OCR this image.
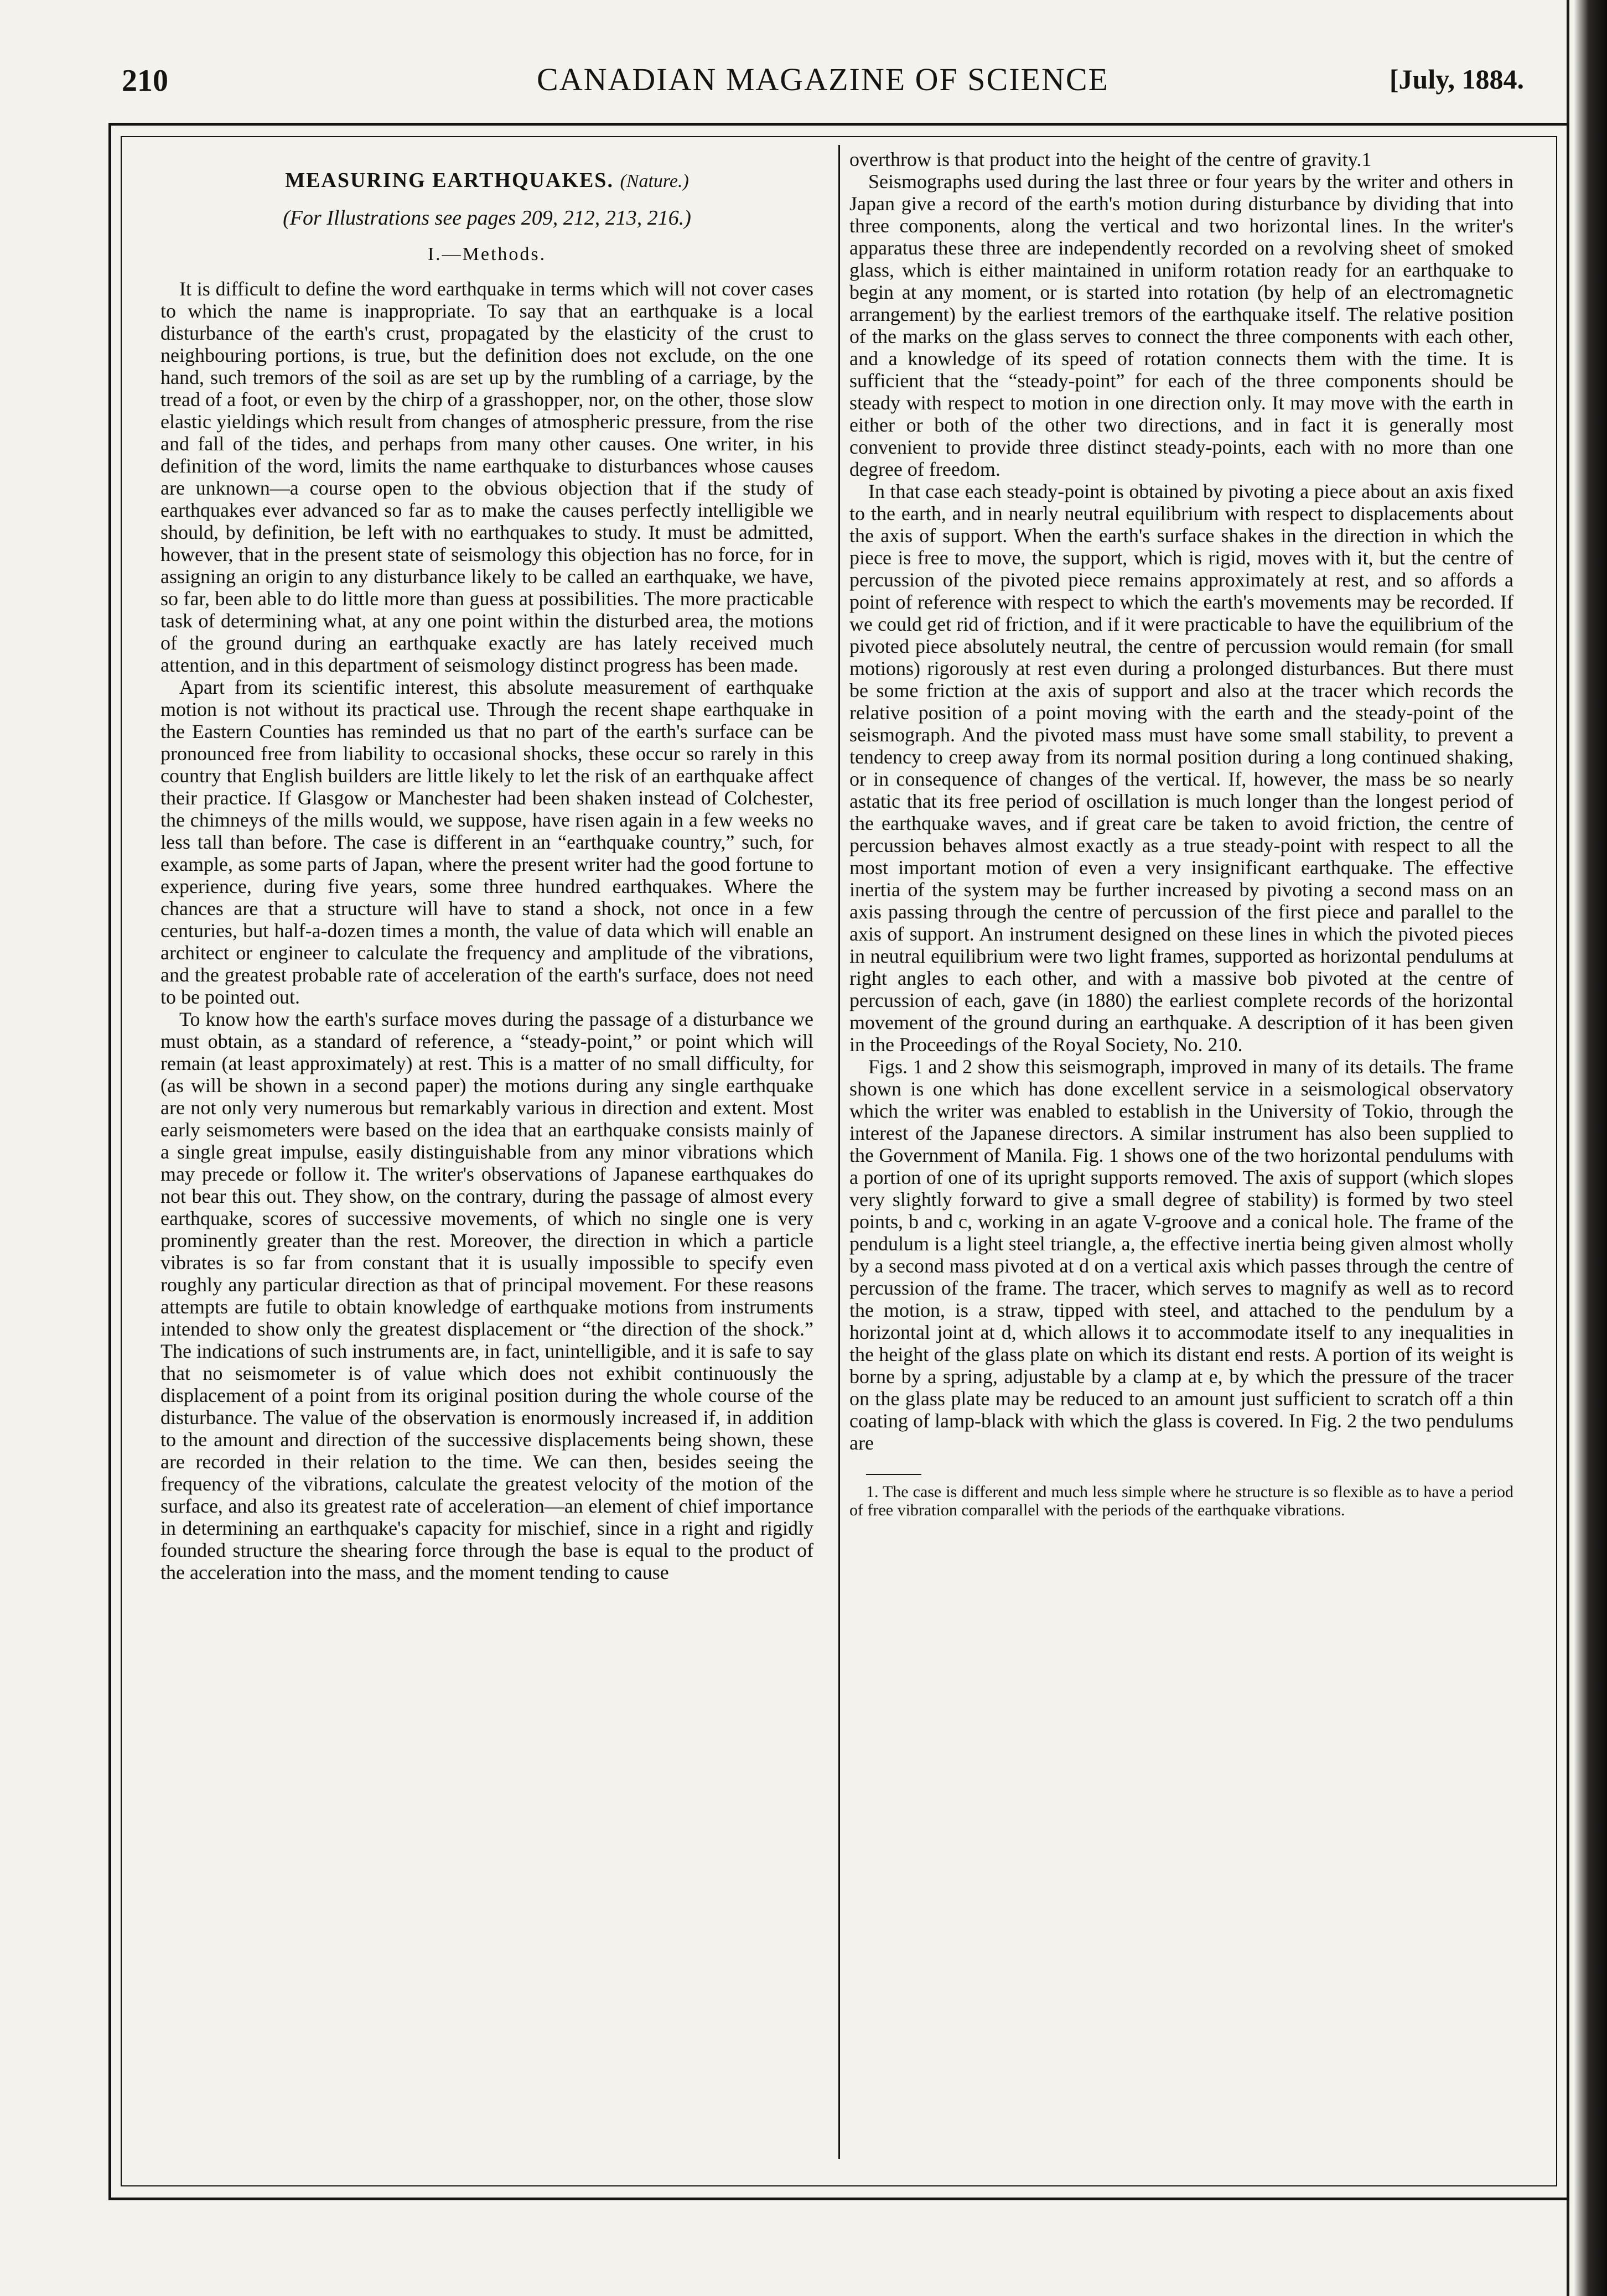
210	CANADIAN MAGAZINE OF SCIENCE	[July, 1884.
MEASURING EARTHQUAKES. (Nature.)
(For Illustrations see pages 209, 212, 213, 216.)
I.—Methods.

It is difficult to define the word earthquake in terms which will not cover cases to which the name is inappropriate. To say that an earthquake is a local disturbance of the earth's crust, propagated by the elasticity of the crust to neighbouring portions, is true, but the definition does not exclude, on the one hand, such tremors of the soil as are set up by the rumbling of a carriage, by the tread of a foot, or even by the chirp of a grasshopper, nor, on the other, those slow elastic yieldings which result from changes of atmospheric pressure, from the rise and fall of the tides, and perhaps from many other causes. One writer, in his definition of the word, limits the name earthquake to disturbances whose causes are unknown—a course open to the obvious objection that if the study of earthquakes ever advanced so far as to make the causes perfectly intelligible we should, by definition, be left with no earthquakes to study. It must be admitted, however, that in the present state of seismology this objection has no force, for in assigning an origin to any disturbance likely to be called an earthquake, we have, so far, been able to do little more than guess at possibilities. The more practicable task of determining what, at any one point within the disturbed area, the motions of the ground during an earthquake exactly are has lately received much attention, and in this department of seismology distinct progress has been made.

Apart from its scientific interest, this absolute measurement of earthquake motion is not without its practical use. Through the recent shape earthquake in the Eastern Counties has reminded us that no part of the earth's surface can be pronounced free from liability to occasional shocks, these occur so rarely in this country that English builders are little likely to let the risk of an earthquake affect their practice. If Glasgow or Manchester had been shaken instead of Colchester, the chimneys of the mills would, we suppose, have risen again in a few weeks no less tall than before. The case is different in an “earthquake country,” such, for example, as some parts of Japan, where the present writer had the good fortune to experience, during five years, some three hundred earthquakes. Where the chances are that a structure will have to stand a shock, not once in a few centuries, but half-a-dozen times a month, the value of data which will enable an architect or engineer to calculate the frequency and amplitude of the vibrations, and the greatest probable rate of acceleration of the earth's surface, does not need to be pointed out.

To know how the earth's surface moves during the passage of a disturbance we must obtain, as a standard of reference, a “steady-point,” or point which will remain (at least approximately) at rest. This is a matter of no small difficulty, for (as will be shown in a second paper) the motions during any single earthquake are not only very numerous but remarkably various in direction and extent. Most early seismometers were based on the idea that an earthquake consists mainly of a single great impulse, easily distinguishable from any minor vibrations which may precede or follow it. The writer's observations of Japanese earthquakes do not bear this out. They show, on the contrary, during the passage of almost every earthquake, scores of successive movements, of which no single one is very prominently greater than the rest. Moreover, the direction in which a particle vibrates is so far from constant that it is usually impossible to specify even roughly any particular direction as that of principal movement. For these reasons attempts are futile to obtain knowledge of earthquake motions from instruments intended to show only the greatest displacement or “the direction of the shock.” The indications of such instruments are, in fact, unintelligible, and it is safe to say that no seismometer is of value which does not exhibit continuously the displacement of a point from its original position during the whole course of the disturbance. The value of the observation is enormously increased if, in addition to the amount and direction of the successive displacements being shown, these are recorded in their relation to the time. We can then, besides seeing the frequency of the vibrations, calculate the greatest velocity of the motion of the surface, and also its greatest rate of acceleration—an element of chief importance in determining an earthquake's capacity for mischief, since in a right and rigidly founded structure the shearing force through the base is equal to the product of the acceleration into the mass, and the moment tending to cause

overthrow is that product into the height of the centre of gravity.1

Seismographs used during the last three or four years by the writer and others in Japan give a record of the earth's motion during disturbance by dividing that into three components, along the vertical and two horizontal lines. In the writer's apparatus these three are independently recorded on a revolving sheet of smoked glass, which is either maintained in uniform rotation ready for an earthquake to begin at any moment, or is started into rotation (by help of an electromagnetic arrangement) by the earliest tremors of the earthquake itself. The relative position of the marks on the glass serves to connect the three components with each other, and a knowledge of its speed of rotation connects them with the time. It is sufficient that the “steady-point” for each of the three components should be steady with respect to motion in one direction only. It may move with the earth in either or both of the other two directions, and in fact it is generally most convenient to provide three distinct steady-points, each with no more than one degree of freedom.

In that case each steady-point is obtained by pivoting a piece about an axis fixed to the earth, and in nearly neutral equilibrium with respect to displacements about the axis of support. When the earth's surface shakes in the direction in which the piece is free to move, the support, which is rigid, moves with it, but the centre of percussion of the pivoted piece remains approximately at rest, and so affords a point of reference with respect to which the earth's movements may be recorded. If we could get rid of friction, and if it were practicable to have the equilibrium of the pivoted piece absolutely neutral, the centre of percussion would remain (for small motions) rigorously at rest even during a prolonged disturbances. But there must be some friction at the axis of support and also at the tracer which records the relative position of a point moving with the earth and the steady-point of the seismograph. And the pivoted mass must have some small stability, to prevent a tendency to creep away from its normal position during a long continued shaking, or in consequence of changes of the vertical. If, however, the mass be so nearly astatic that its free period of oscillation is much longer than the longest period of the earthquake waves, and if great care be taken to avoid friction, the centre of percussion behaves almost exactly as a true steady-point with respect to all the most important motion of even a very insignificant earthquake. The effective inertia of the system may be further increased by pivoting a second mass on an axis passing through the centre of percussion of the first piece and parallel to the axis of support. An instrument designed on these lines in which the pivoted pieces in neutral equilibrium were two light frames, supported as horizontal pendulums at right angles to each other, and with a massive bob pivoted at the centre of percussion of each, gave (in 1880) the earliest complete records of the horizontal movement of the ground during an earthquake. A description of it has been given in the Proceedings of the Royal Society, No. 210.

Figs. 1 and 2 show this seismograph, improved in many of its details. The frame shown is one which has done excellent service in a seismological observatory which the writer was enabled to establish in the University of Tokio, through the interest of the Japanese directors. A similar instrument has also been supplied to the Government of Manila. Fig. 1 shows one of the two horizontal pendulums with a portion of one of its upright supports removed. The axis of support (which slopes very slightly forward to give a small degree of stability) is formed by two steel points, b and c, working in an agate V-groove and a conical hole. The frame of the pendulum is a light steel triangle, a, the effective inertia being given almost wholly by a second mass pivoted at d on a vertical axis which passes through the centre of percussion of the frame. The tracer, which serves to magnify as well as to record the motion, is a straw, tipped with steel, and attached to the pendulum by a horizontal joint at d, which allows it to accommodate itself to any inequalities in the height of the glass plate on which its distant end rests. A portion of its weight is borne by a spring, adjustable by a clamp at e, by which the pressure of the tracer on the glass plate may be reduced to an amount just sufficient to scratch off a thin coating of lamp-black with which the glass is covered. In Fig. 2 the two pendulums are

1. The case is different and much less simple where he structure is so flexible as to have a period of free vibration comparallel with the periods of the earthquake vibrations.
